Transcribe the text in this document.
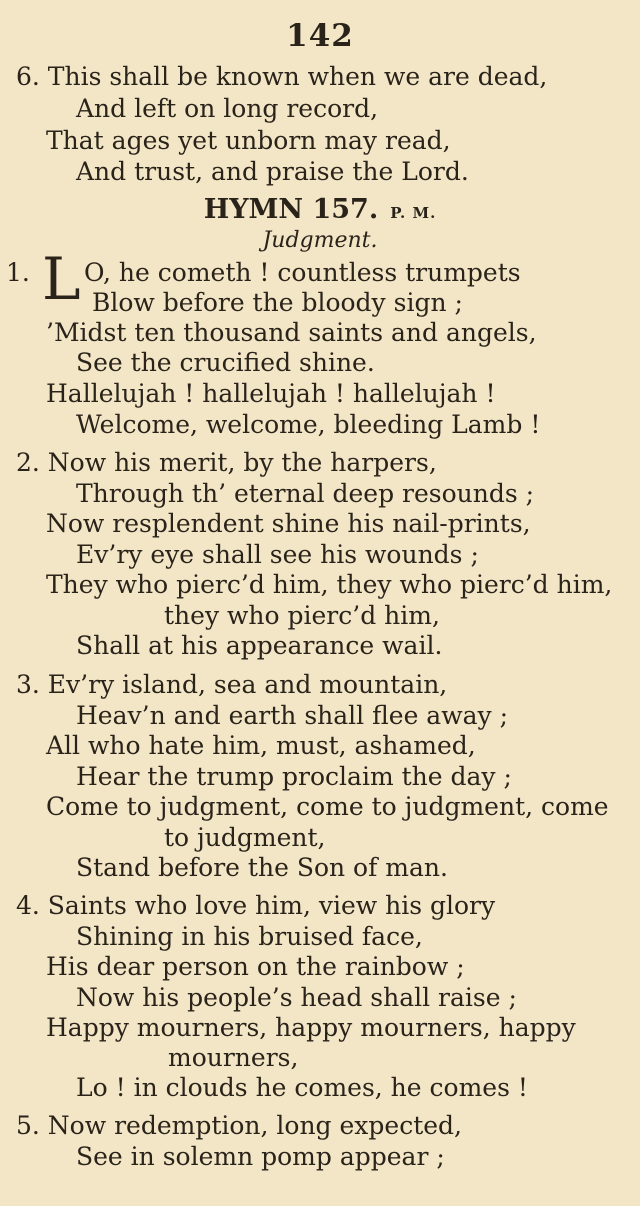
142
6. This shall be known when we are dead,
And left on long record,
That ages yet unborn may read,
And trust, and praise the Lord.
HYMN 157. P. M.
Judgment.
1. L O, he cometh ! countless trumpets
Blow before the bloody sign ;
’Midst ten thousand saints and angels,
See the crucified shine.
Hallelujah ! hallelujah ! hallelujah !
Welcome, welcome, bleeding Lamb !
2. Now his merit, by the harpers,
Through th’ eternal deep resounds ;
Now resplendent shine his nail-prints,
Ev’ry eye shall see his wounds ;
They who pierc’d him, they who pierc’d him,
they who pierc’d him,
Shall at his appearance wail.
3. Ev’ry island, sea and mountain,
Heav’n and earth shall flee away ;
All who hate him, must, ashamed,
Hear the trump proclaim the day ;
Come to judgment, come to judgment, come
to judgment,
Stand before the Son of man.
4. Saints who love him, view his glory
Shining in his bruised face,
His dear person on the rainbow ;
Now his people’s head shall raise ;
Happy mourners, happy mourners, happy
mourners,
Lo ! in clouds he comes, he comes !
5. Now redemption, long expected,
See in solemn pomp appear ;
